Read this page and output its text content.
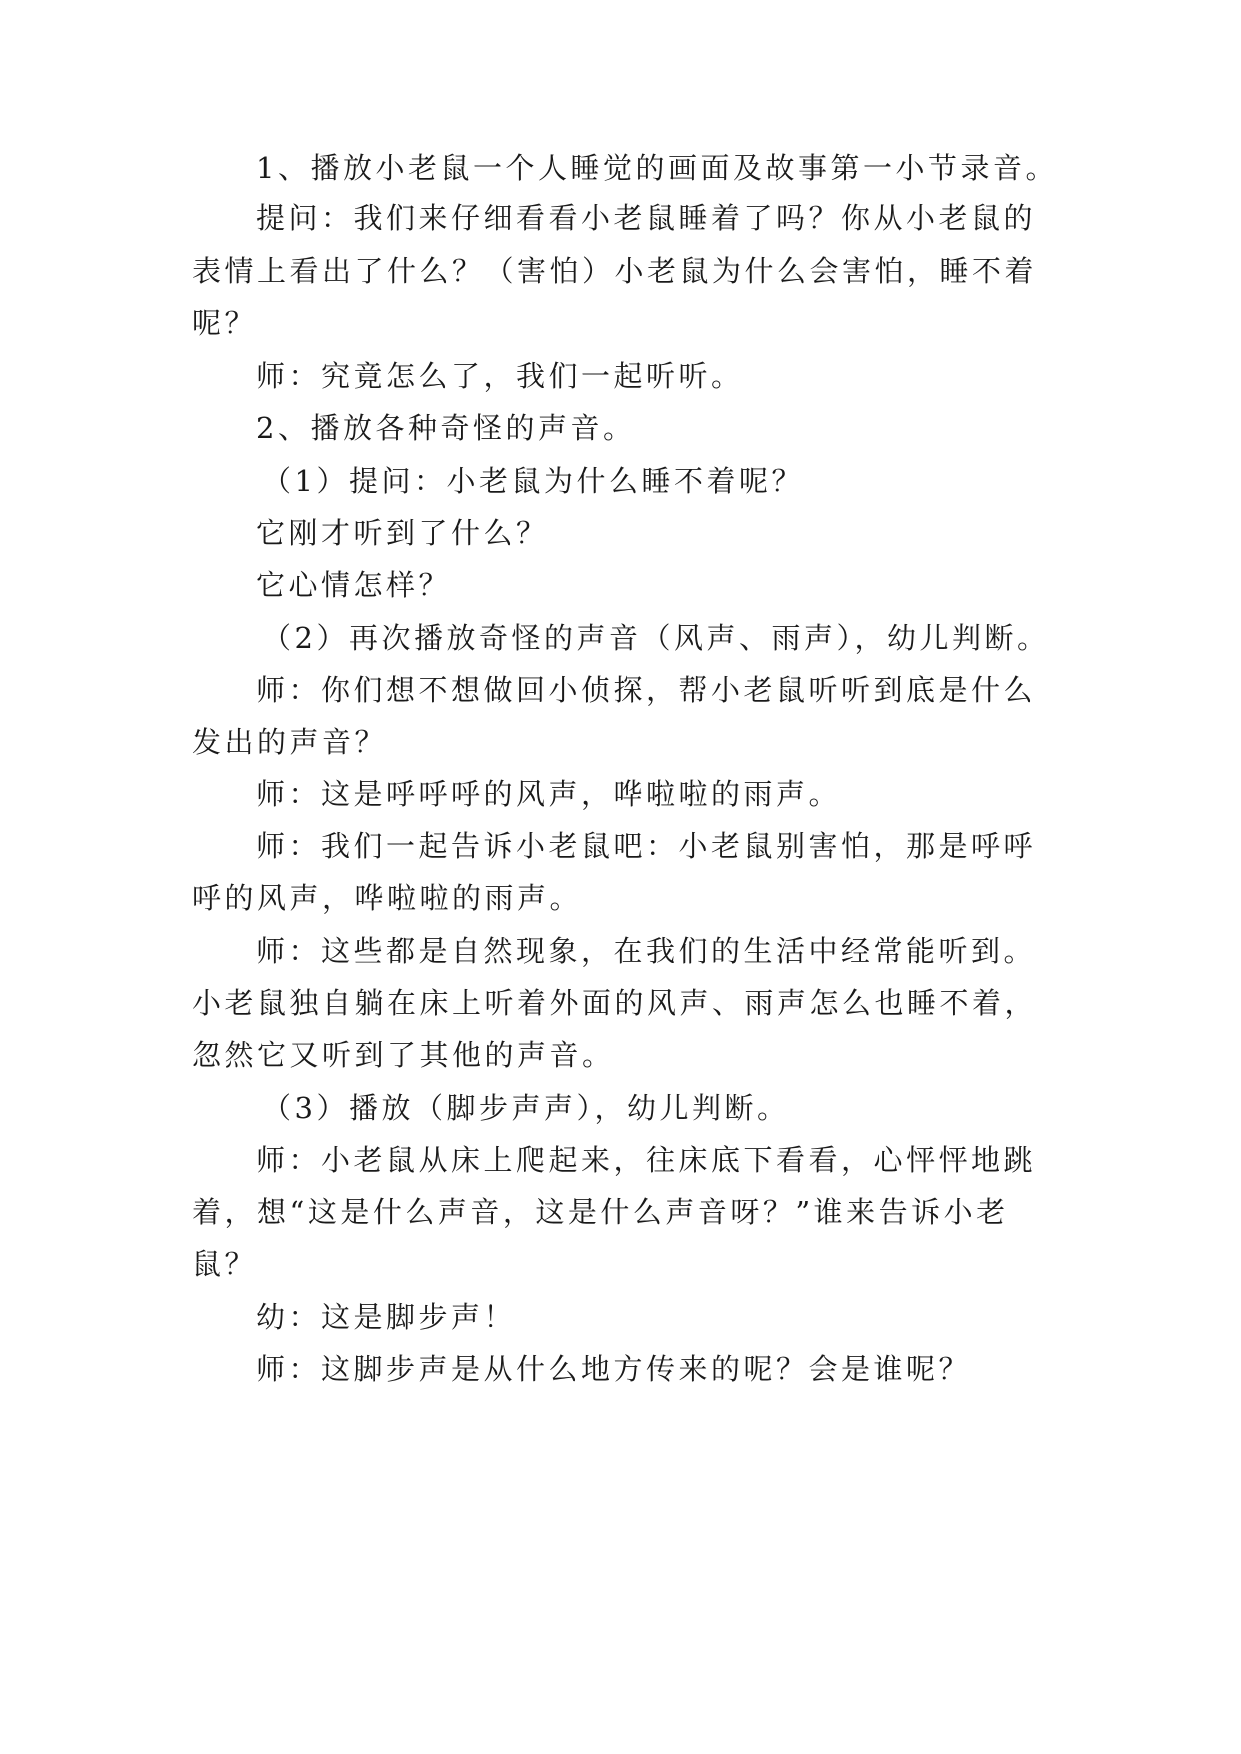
1、播放小老鼠一个人睡觉的画面及故事第一小节录音。
提问：我们来仔细看看小老鼠睡着了吗？你从小老鼠的
表情上看出了什么？（害怕）小老鼠为什么会害怕，睡不着
呢？
师：究竟怎么了，我们一起听听。
2、播放各种奇怪的声音。
（1）提问：小老鼠为什么睡不着呢？
它刚才听到了什么？
它心情怎样？
（2）再次播放奇怪的声音（风声、雨声），幼儿判断。
师：你们想不想做回小侦探，帮小老鼠听听到底是什么
发出的声音？
师：这是呼呼呼的风声，哗啦啦的雨声。
师：我们一起告诉小老鼠吧：小老鼠别害怕，那是呼呼
呼的风声，哗啦啦的雨声。
师：这些都是自然现象，在我们的生活中经常能听到。
小老鼠独自躺在床上听着外面的风声、雨声怎么也睡不着，
忽然它又听到了其他的声音。
（3）播放（脚步声声），幼儿判断。
师：小老鼠从床上爬起来，往床底下看看，心怦怦地跳
着，想“这是什么声音，这是什么声音呀？”谁来告诉小老
鼠？
幼：这是脚步声！
师：这脚步声是从什么地方传来的呢？会是谁呢？
